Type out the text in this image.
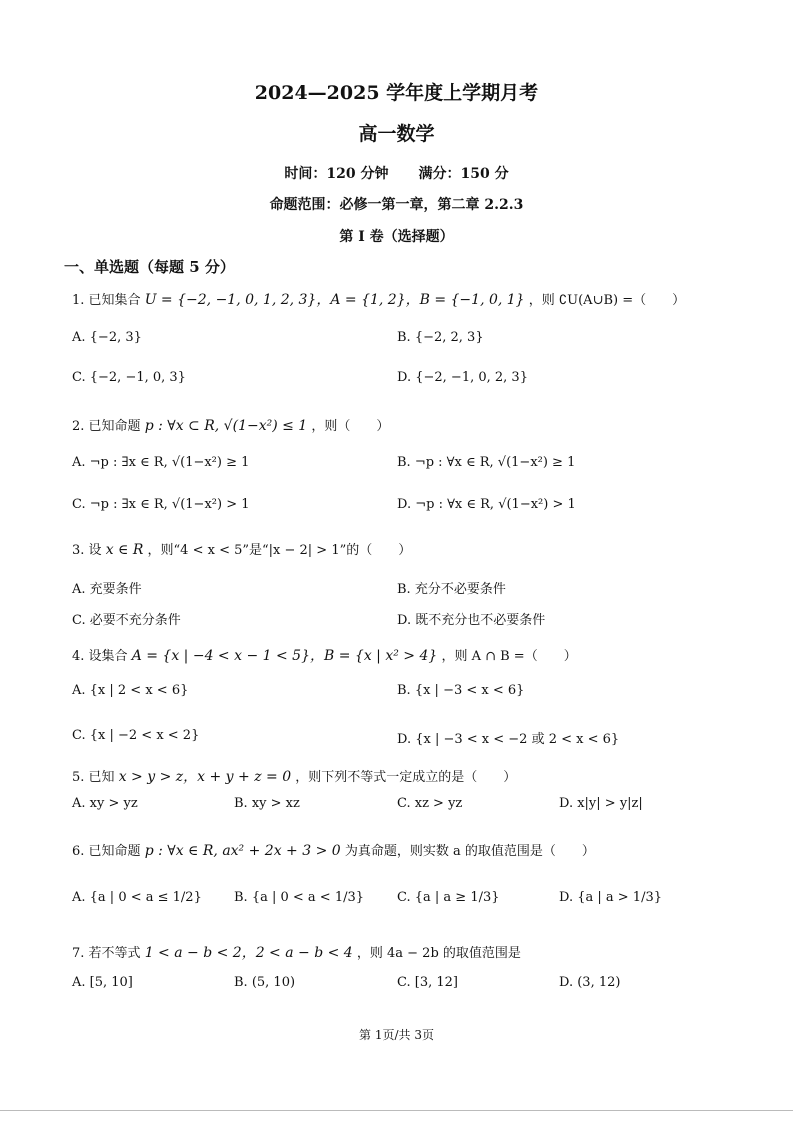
2024—2025 学年度上学期月考
高一数学
时间：120 分钟 满分：150 分
命题范围：必修一第一章，第二章 2.2.3
第 I 卷（选择题）
一、单选题（每题 5 分）
1. 已知集合 U = {−2, −1, 0, 1, 2, 3}，A = {1, 2}，B = {−1, 0, 1} ，则 ∁U(A∪B) =（　　）
A. {−2, 3}	B. {−2, 2, 3}
C. {−2, −1, 0, 3}	D. {−2, −1, 0, 2, 3}
2. 已知命题 p : ∀x ⊂ R, √(1−x²) ≤ 1 ，则（　　）
A. ¬p : ∃x ∈ R, √(1−x²) ≥ 1	B. ¬p : ∀x ∈ R, √(1−x²) ≥ 1
C. ¬p : ∃x ∈ R, √(1−x²) > 1	D. ¬p : ∀x ∈ R, √(1−x²) > 1
3. 设 x ∈ R ，则“4 < x < 5”是“|x − 2| > 1”的（　　）
A. 充要条件	B. 充分不必要条件
C. 必要不充分条件	D. 既不充分也不必要条件
4. 设集合 A = {x | −4 < x − 1 < 5}，B = {x | x² > 4} ，则 A ∩ B =（　　）
A. {x | 2 < x < 6}	B. {x | −3 < x < 6}
C. {x | −2 < x < 2}	D. {x | −3 < x < −2 或 2 < x < 6}
5. 已知 x > y > z，x + y + z = 0 ，则下列不等式一定成立的是（　　）
A. xy > yz	B. xy > xz	C. xz > yz	D. x|y| > y|z|
6. 已知命题 p : ∀x ∈ R, ax² + 2x + 3 > 0 为真命题，则实数 a 的取值范围是（　　）
A. {a | 0 < a ≤ 1/2} B. {a | 0 < a < 1/3}	C. {a | a ≥ 1/3}	D. {a | a > 1/3}
7. 若不等式 1 < a − b < 2，2 < a − b < 4 ，则 4a − 2b 的取值范围是
A. [5, 10]	B. (5, 10)	C. [3, 12]	D. (3, 12)
第 1页/共 3页
